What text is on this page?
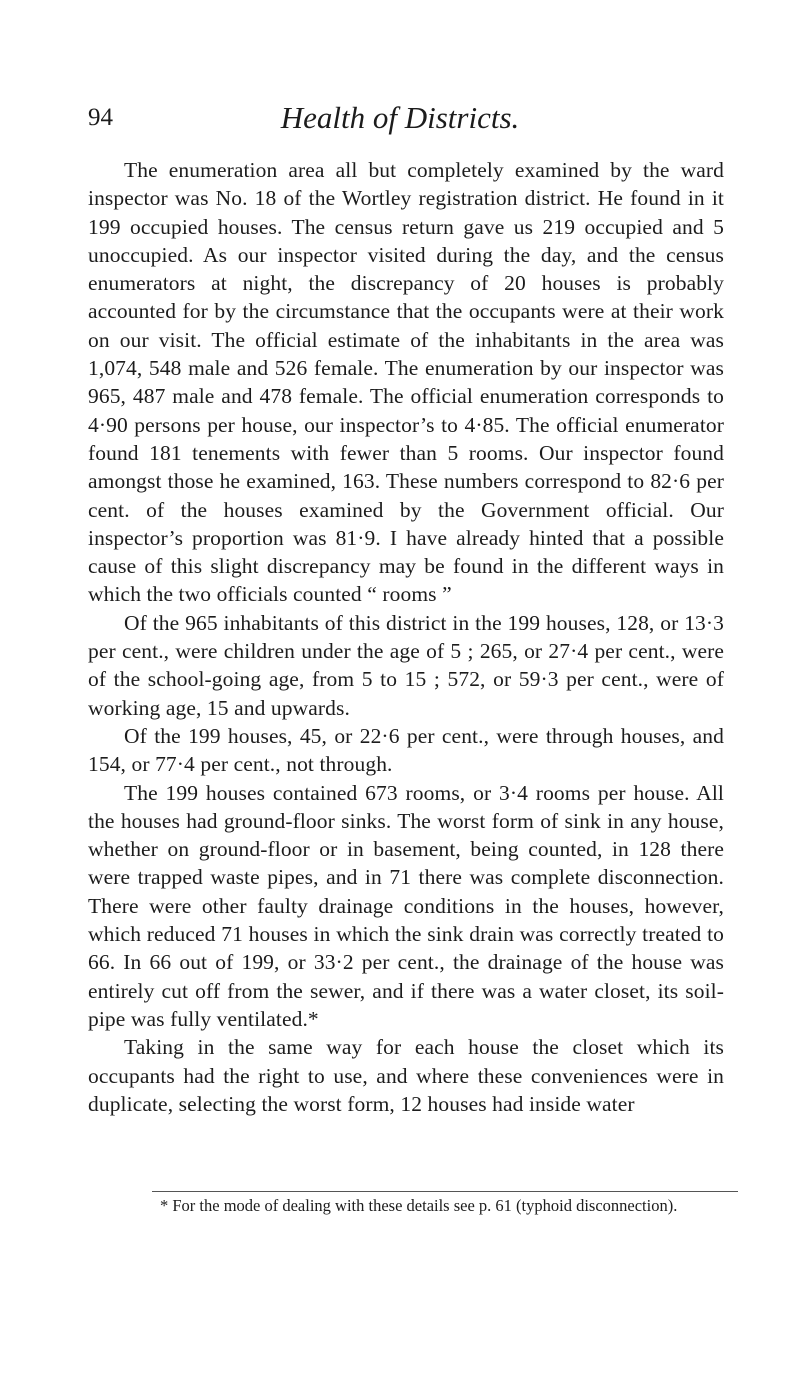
94	Health of Districts.

The enumeration area all but completely examined by the ward inspector was No. 18 of the Wortley registration district. He found in it 199 occupied houses. The census return gave us 219 occupied and 5 unoccupied. As our inspector visited during the day, and the census enumerators at night, the discrepancy of 20 houses is probably accounted for by the circumstance that the occupants were at their work on our visit. The official estimate of the inhabitants in the area was 1,074, 548 male and 526 female. The enumeration by our inspector was 965, 487 male and 478 female. The official enumeration corresponds to 4·90 persons per house, our inspector’s to 4·85. The official enumerator found 181 tenements with fewer than 5 rooms. Our inspector found amongst those he examined, 163. These numbers correspond to 82·6 per cent. of the houses examined by the Government official. Our inspector’s proportion was 81·9. I have already hinted that a possible cause of this slight discrepancy may be found in the different ways in which the two officials counted “ rooms ”

Of the 965 inhabitants of this district in the 199 houses, 128, or 13·3 per cent., were children under the age of 5 ; 265, or 27·4 per cent., were of the school-going age, from 5 to 15 ; 572, or 59·3 per cent., were of working age, 15 and upwards.

Of the 199 houses, 45, or 22·6 per cent., were through houses, and 154, or 77·4 per cent., not through.

The 199 houses contained 673 rooms, or 3·4 rooms per house. All the houses had ground-floor sinks. The worst form of sink in any house, whether on ground-floor or in basement, being counted, in 128 there were trapped waste pipes, and in 71 there was complete disconnection. There were other faulty drainage conditions in the houses, however, which reduced 71 houses in which the sink drain was correctly treated to 66. In 66 out of 199, or 33·2 per cent., the drainage of the house was entirely cut off from the sewer, and if there was a water closet, its soil-pipe was fully ventilated.*

Taking in the same way for each house the closet which its occupants had the right to use, and where these conveniences were in duplicate, selecting the worst form, 12 houses had inside water

* For the mode of dealing with these details see p. 61 (typhoid disconnection).
